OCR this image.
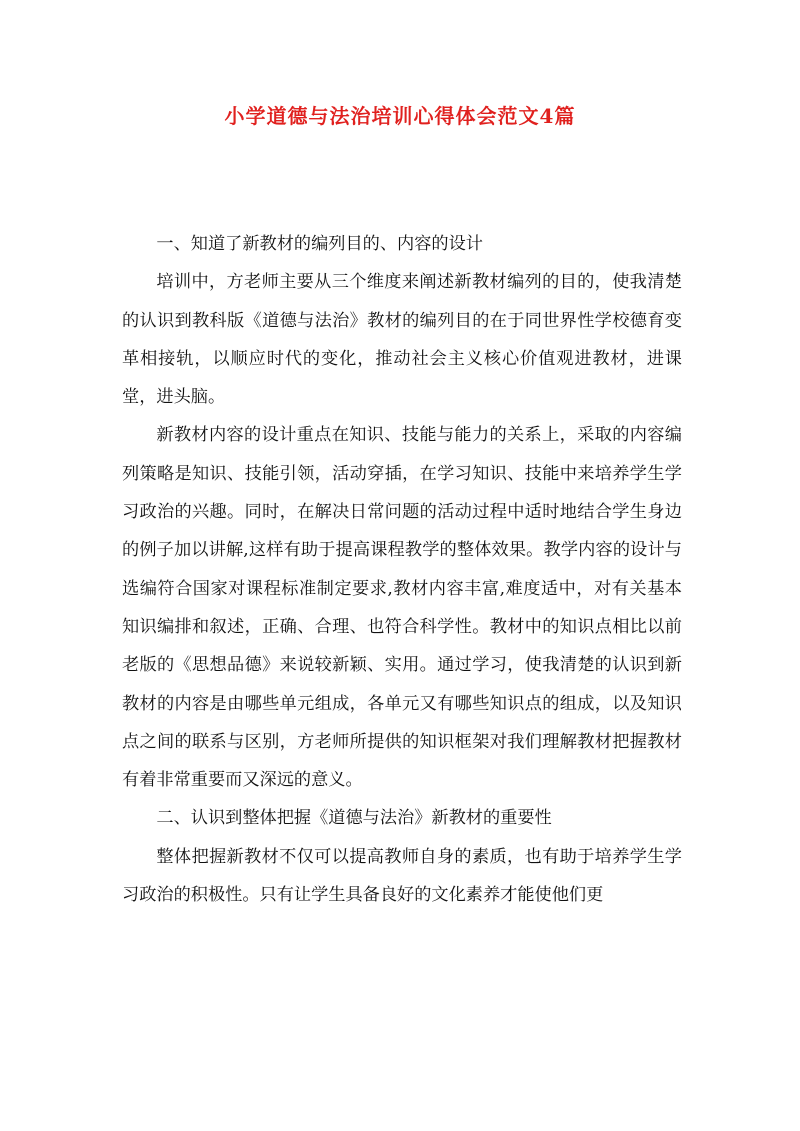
小学道德与法治培训心得体会范文4篇

一、知道了新教材的编列目的、内容的设计

培训中，方老师主要从三个维度来阐述新教材编列的目的，使我清楚的认识到教科版《道德与法治》教材的编列目的在于同世界性学校德育变革相接轨，以顺应时代的变化，推动社会主义核心价值观进教材，进课堂，进头脑。

新教材内容的设计重点在知识、技能与能力的关系上，采取的内容编列策略是知识、技能引领，活动穿插，在学习知识、技能中来培养学生学习政治的兴趣。同时，在解决日常问题的活动过程中适时地结合学生身边的例子加以讲解,这样有助于提高课程教学的整体效果。教学内容的设计与选编符合国家对课程标准制定要求,教材内容丰富,难度适中，对有关基本知识编排和叙述，正确、合理、也符合科学性。教材中的知识点相比以前老版的《思想品德》来说较新颖、实用。通过学习，使我清楚的认识到新教材的内容是由哪些单元组成，各单元又有哪些知识点的组成，以及知识点之间的联系与区别，方老师所提供的知识框架对我们理解教材把握教材有着非常重要而又深远的意义。

二、认识到整体把握《道德与法治》新教材的重要性

整体把握新教材不仅可以提高教师自身的素质，也有助于培养学生学习政治的积极性。只有让学生具备良好的文化素养才能使他们更
